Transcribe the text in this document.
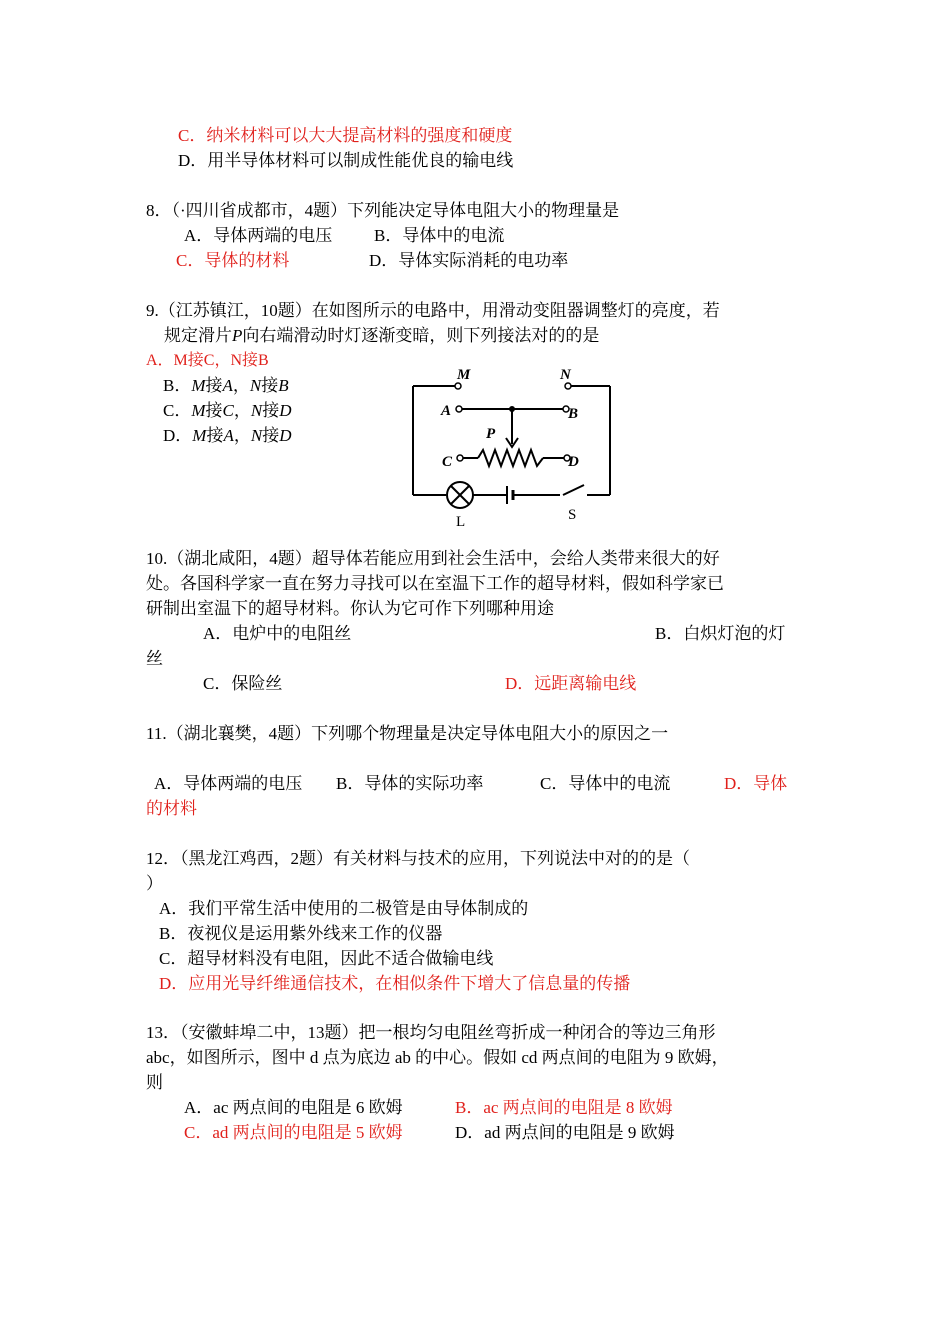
C．纳米材料可以大大提高材料的强度和硬度
D．用半导体材料可以制成性能优良的输电线
8．（·四川省成都市，4题）下列能决定导体电阻大小的物理量是
A．导体两端的电压 B．导体中的电流
C．导体的材料	D．导体实际消耗的电功率
9.（江苏镇江，10题）在如图所示的电路中，用滑动变阻器调整灯的亮度，若
规定滑片P向右端滑动时灯逐渐变暗，则下列接法对的的是
A．M接C，N接B
B．M接A，N接B
C．M接C，N接D
D．M接A，N接D
M	N
A	B
C	D
P
L	S
10.（湖北咸阳，4题）超导体若能应用到社会生活中，会给人类带来很大的好
处。各国科学家一直在努力寻找可以在室温下工作的超导材料，假如科学家已
研制出室温下的超导材料。你认为它可作下列哪种用途
A．电炉中的电阻丝	B．白炽灯泡的灯
丝
C．保险丝	D．远距离输电线
11.（湖北襄樊，4题）下列哪个物理量是决定导体电阻大小的原因之一
A．导体两端的电压 B．导体的实际功率	C．导体中的电流	D．导体
的材料
12．（黑龙江鸡西，2题）有关材料与技术的应用，下列说法中对的的是（
）
A．我们平常生活中使用的二极管是由导体制成的
B．夜视仪是运用紫外线来工作的仪器
C．超导材料没有电阻，因此不适合做输电线
D．应用光导纤维通信技术，在相似条件下增大了信息量的传播
13．（安徽蚌埠二中，13题）把一根均匀电阻丝弯折成一种闭合的等边三角形
abc，如图所示，图中 d 点为底边 ab 的中心。假如 cd 两点间的电阻为 9 欧姆，
则
A．ac 两点间的电阻是 6 欧姆	B．ac 两点间的电阻是 8 欧姆
C．ad 两点间的电阻是 5 欧姆	D．ad 两点间的电阻是 9 欧姆
